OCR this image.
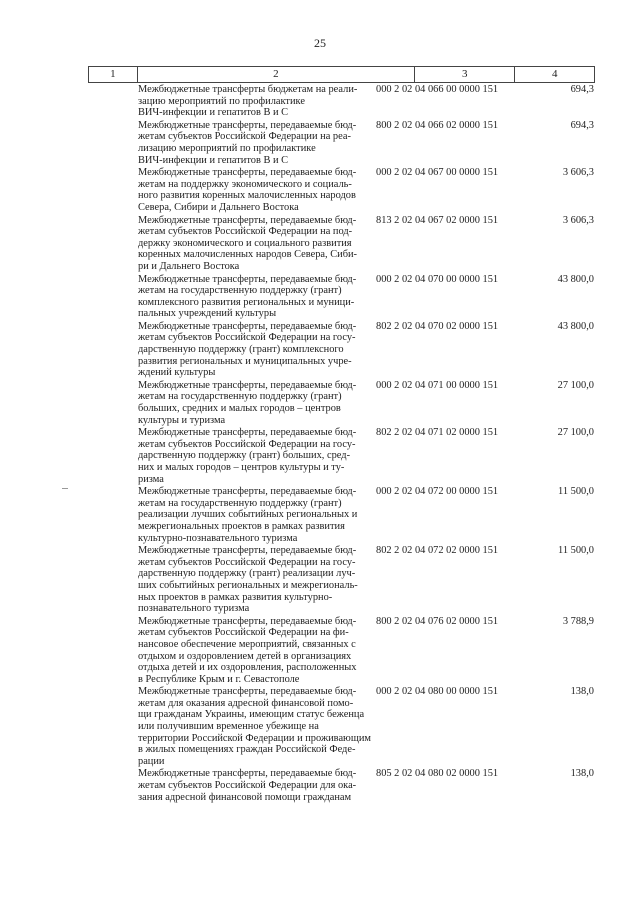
25
1	2	3	4
Межбюджетные трансферты бюджетам на реали-
зацию мероприятий по профилактике
ВИЧ-инфекции и гепатитов В и С
000 2 02 04 066 00 0000 151	694,3
Межбюджетные трансферты, передаваемые бюд-
жетам субъектов Российской Федерации на реа-
лизацию мероприятий по профилактике
ВИЧ-инфекции и гепатитов В и С
800 2 02 04 066 02 0000 151	694,3
Межбюджетные трансферты, передаваемые бюд-
жетам на поддержку экономического и социаль-
ного развития коренных малочисленных народов
Севера, Сибири и Дальнего Востока
000 2 02 04 067 00 0000 151	3 606,3
Межбюджетные трансферты, передаваемые бюд-
жетам субъектов Российской Федерации на под-
держку экономического и социального развития
коренных малочисленных народов Севера, Сиби-
ри и Дальнего Востока
813 2 02 04 067 02 0000 151	3 606,3
Межбюджетные трансферты, передаваемые бюд-
жетам на государственную поддержку (грант)
комплексного развития региональных и муници-
пальных учреждений культуры
000 2 02 04 070 00 0000 151	43 800,0
Межбюджетные трансферты, передаваемые бюд-
жетам субъектов Российской Федерации на госу-
дарственную поддержку (грант) комплексного
развития региональных и муниципальных учре-
ждений культуры
802 2 02 04 070 02 0000 151	43 800,0
Межбюджетные трансферты, передаваемые бюд-
жетам на государственную поддержку (грант)
больших, средних и малых городов – центров
культуры и туризма
000 2 02 04 071 00 0000 151	27 100,0
Межбюджетные трансферты, передаваемые бюд-
жетам субъектов Российской Федерации на госу-
дарственную поддержку (грант) больших, сред-
них и малых городов – центров культуры и ту-
ризма
802 2 02 04 071 02 0000 151	27 100,0
Межбюджетные трансферты, передаваемые бюд-
жетам на государственную поддержку (грант)
реализации лучших событийных региональных и
межрегиональных проектов в рамках развития
культурно-познавательного туризма
000 2 02 04 072 00 0000 151	11 500,0
Межбюджетные трансферты, передаваемые бюд-
жетам субъектов Российской Федерации на госу-
дарственную поддержку (грант) реализации луч-
ших событийных региональных и межрегиональ-
ных проектов в рамках развития культурно-
познавательного туризма
802 2 02 04 072 02 0000 151	11 500,0
Межбюджетные трансферты, передаваемые бюд-
жетам субъектов Российской Федерации на фи-
нансовое обеспечение мероприятий, связанных с
отдыхом и оздоровлением детей в организациях
отдыха детей и их оздоровления, расположенных
в Республике Крым и г. Севастополе
800 2 02 04 076 02 0000 151	3 788,9
Межбюджетные трансферты, передаваемые бюд-
жетам для оказания адресной финансовой помо-
щи гражданам Украины, имеющим статус беженца
или получившим временное убежище на
территории Российской Федерации и проживающим
в жилых помещениях граждан Российской Феде-
рации
000 2 02 04 080 00 0000 151	138,0
Межбюджетные трансферты, передаваемые бюд-
жетам субъектов Российской Федерации для ока-
зания адресной финансовой помощи гражданам
805 2 02 04 080 02 0000 151	138,0
